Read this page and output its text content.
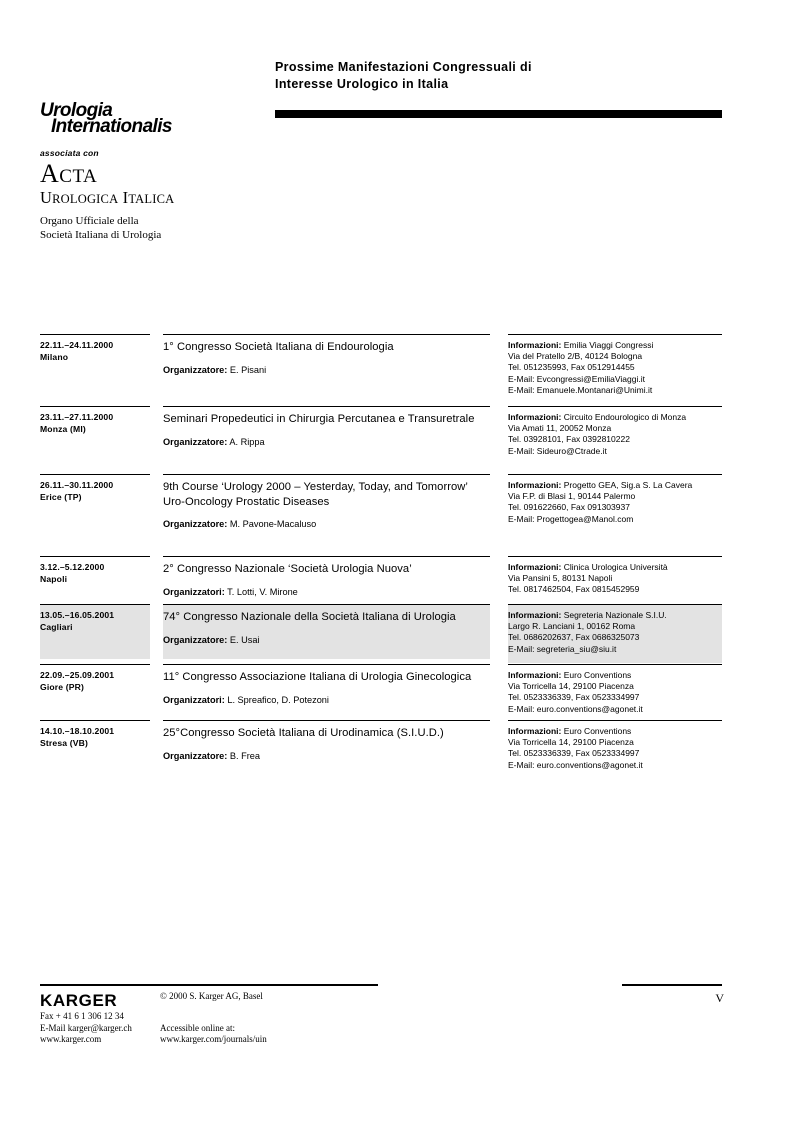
Prossime Manifestazioni Congressuali di
Interesse Urologico in Italia
Urologia
Internationalis
associata con
ACTA
UROLOGICA ITALICA
Organo Ufficiale della
Società Italiana di Urologia
22.11.–24.11.2000
Milano
1° Congresso Società Italiana di Endourologia
Organizzatore: E. Pisani
Informazioni: Emilia Viaggi Congressi
Via del Pratello 2/B, 40124 Bologna
Tel. 051235993, Fax 0512914455
E-Mail: Evcongressi@EmiliaViaggi.it
E-Mail: Emanuele.Montanari@Unimi.it
23.11.–27.11.2000
Monza (MI)
Seminari Propedeutici in Chirurgia Percutanea e Transuretrale
Organizzatore: A. Rippa
Informazioni: Circuito Endourologico di Monza
Via Amati 11, 20052 Monza
Tel. 03928101, Fax 0392810222
E-Mail: Sideuro@Ctrade.it
26.11.–30.11.2000
Erice (TP)
9th Course ‘Urology 2000 – Yesterday, Today, and Tomorrow’ Uro-Oncology Prostatic Diseases
Organizzatore: M. Pavone-Macaluso
Informazioni: Progetto GEA, Sig.a S. La Cavera
Via F.P. di Blasi 1, 90144 Palermo
Tel. 091622660, Fax 091303937
E-Mail: Progettogea@Manol.com
3.12.–5.12.2000
Napoli
2° Congresso Nazionale ‘Società Urologia Nuova’
Organizzatori: T. Lotti, V. Mirone
Informazioni: Clinica Urologica Università
Via Pansini 5, 80131 Napoli
Tel. 0817462504, Fax 0815452959
13.05.–16.05.2001
Cagliari
74° Congresso Nazionale della Società Italiana di Urologia
Organizzatore: E. Usai
Informazioni: Segreteria Nazionale S.I.U.
Largo R. Lanciani 1, 00162 Roma
Tel. 0686202637, Fax 0686325073
E-Mail: segreteria_siu@siu.it
22.09.–25.09.2001
Giore (PR)
11° Congresso Associazione Italiana di Urologia Ginecologica
Organizzatori: L. Spreafico, D. Potezoni
Informazioni: Euro Conventions
Via Torricella 14, 29100 Piacenza
Tel. 0523336339, Fax 0523334997
E-Mail: euro.conventions@agonet.it
14.10.–18.10.2001
Stresa (VB)
25°Congresso Società Italiana di Urodinamica (S.I.U.D.)
Organizzatore: B. Frea
Informazioni: Euro Conventions
Via Torricella 14, 29100 Piacenza
Tel. 0523336339, Fax 0523334997
E-Mail: euro.conventions@agonet.it
V
KARGER	© 2000 S. Karger AG, Basel
Fax + 41 6 1 306 12 34
E-Mail karger@karger.ch
www.karger.com
Accessible online at:
www.karger.com/journals/uin
